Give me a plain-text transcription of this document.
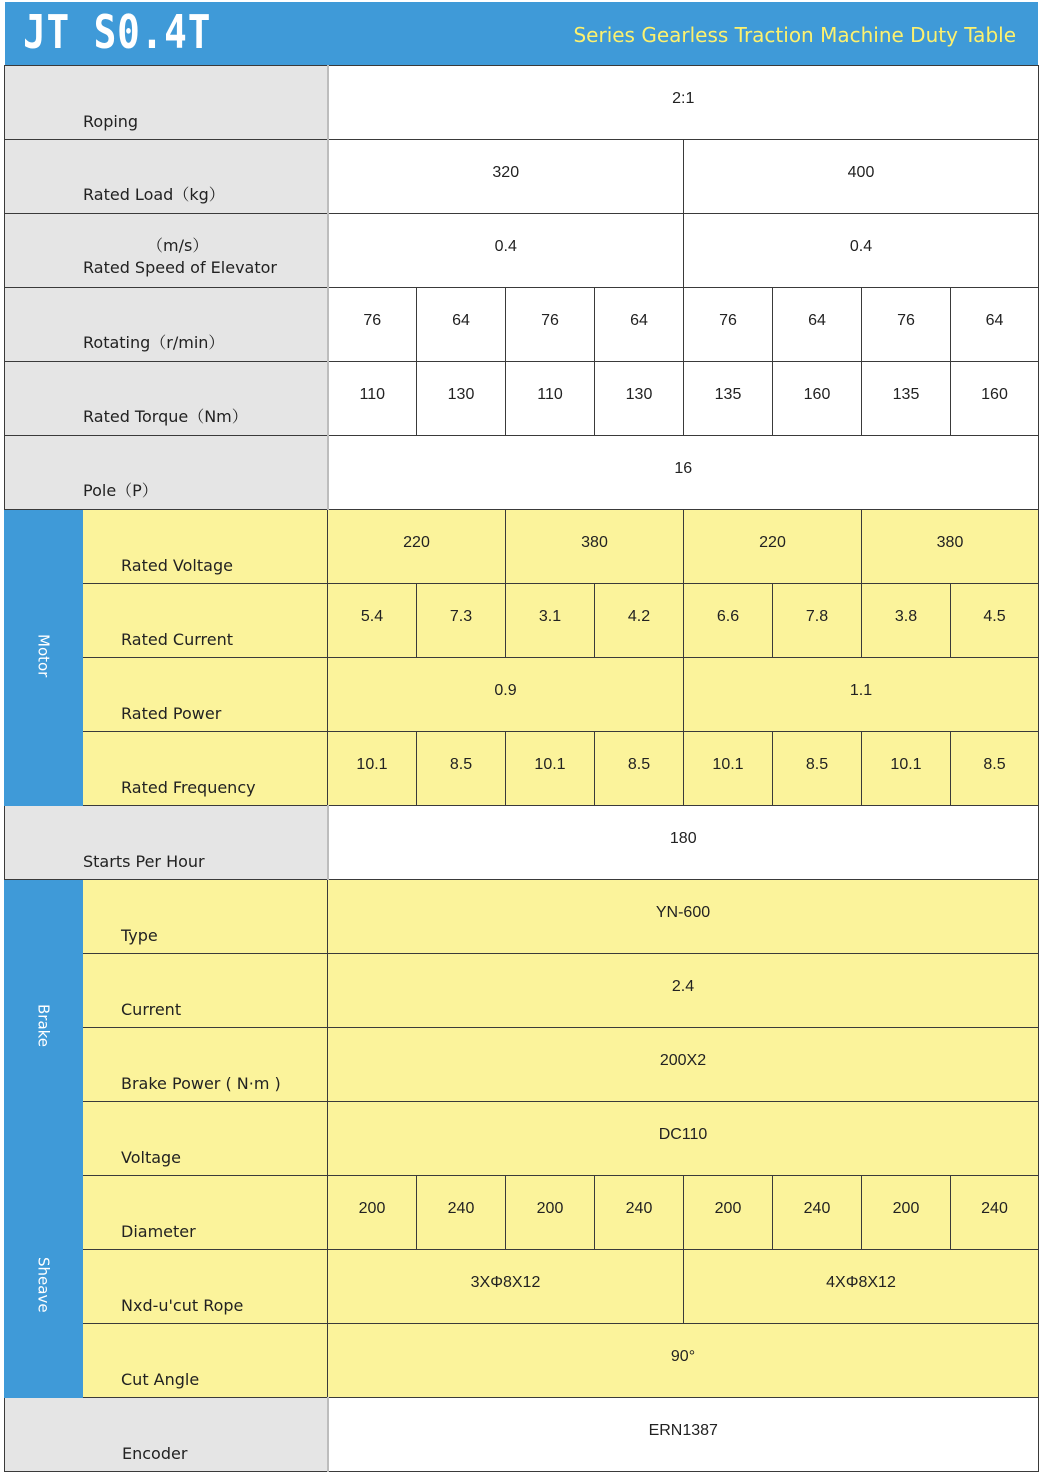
JT S0.4T	Series Gearless Traction Machine Duty Table
Roping		2:1							
Rated Load（kg）		320				400			

（m/s）
Rated Speed of Elevator		0.4				0.4			
Rotating（r/min）		76	64	76	64	76	64	76	64
Rated Torque（Nm）		110	130	110	130	135	160	135	160
Pole（P）		16							
Motor	Rated Voltage	220		380		220		380	
	Rated Current	5.4	7.3	3.1	4.2	6.6	7.8	3.8	4.5
	Rated Power	0.9				1.1			
	Rated Frequency	10.1	8.5	10.1	8.5	10.1	8.5	10.1	8.5
Starts Per Hour		180							
Brake	Type	YN-600							
	Current	2.4							
	Brake Power ( N·m )	200X2							
	Voltage	DC110							
Sheave	Diameter	200	240	200	240	200	240	200	240
	Nxd-u'cut Rope	3XΦ8X12				4XΦ8X12			
	Cut Angle	90°							
Encoder		ERN1387							
